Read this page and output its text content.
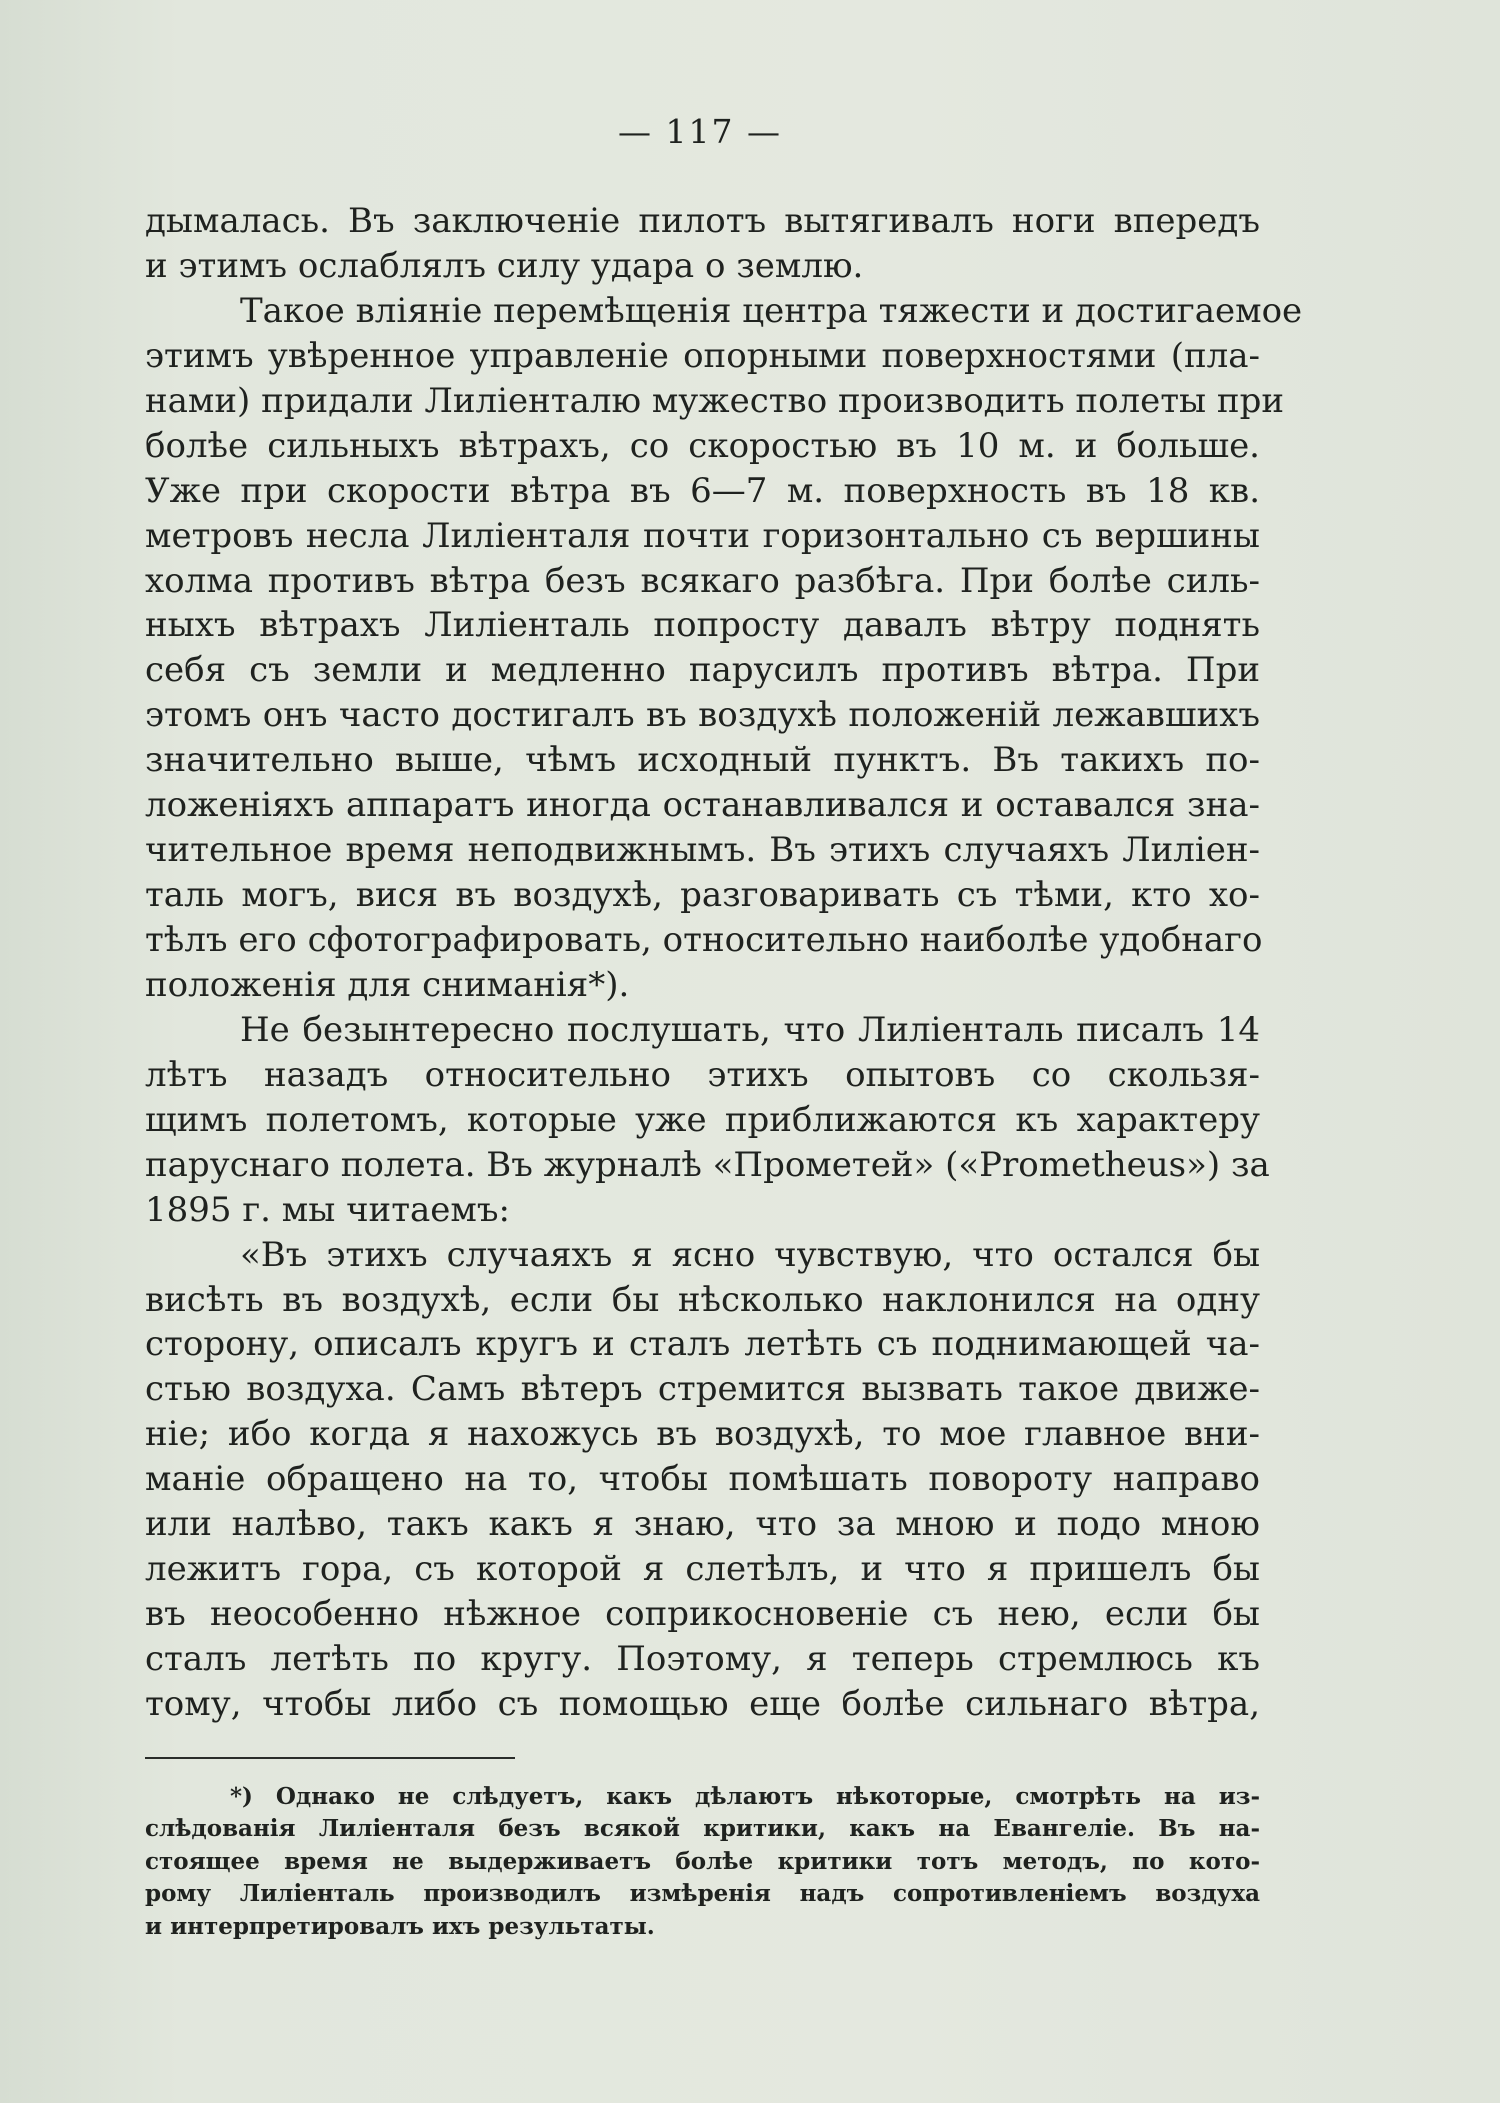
— 117 —
дымалась. Въ заключенiе пилотъ вытягивалъ ноги впередъ
и этимъ ослаблялъ силу удара о землю.
Такое влiянiе перемѣщенiя центра тяжести и достигаемое
этимъ увѣренное управленiе опорными поверхностями (пла-
нами) придали Лилiенталю мужество производить полеты при
болѣе сильныхъ вѣтрахъ, со скоростью въ 10 м. и больше.
Уже при скорости вѣтра въ 6—7 м. поверхность въ 18 кв.
метровъ несла Лилiенталя почти горизонтально съ вершины
холма противъ вѣтра безъ всякаго разбѣга. При болѣе силь-
ныхъ вѣтрахъ Лилiенталь попросту давалъ вѣтру поднять
себя съ земли и медленно парусилъ противъ вѣтра. При
этомъ онъ часто достигалъ въ воздухѣ положенiй лежавшихъ
значительно выше, чѣмъ исходный пунктъ. Въ такихъ по-
ложенiяхъ аппаратъ иногда останавливался и оставался зна-
чительное время неподвижнымъ. Въ этихъ случаяхъ Лилiен-
таль могъ, вися въ воздухѣ, разговаривать съ тѣми, кто хо-
тѣлъ его сфотографировать, относительно наиболѣе удобнаго
положенiя для сниманiя*).
Не безынтересно послушать, что Лилiенталь писалъ 14
лѣтъ назадъ относительно этихъ опытовъ со скользя-
щимъ полетомъ, которые уже приближаются къ характеру
паруснаго полета. Въ журналѣ «Прометей» («Prometheus») за
1895 г. мы читаемъ:
«Въ этихъ случаяхъ я ясно чувствую, что остался бы
висѣть въ воздухѣ, если бы нѣсколько наклонился на одну
сторону, описалъ кругъ и сталъ летѣть съ поднимающей ча-
стью воздуха. Самъ вѣтеръ стремится вызвать такое движе-
нiе; ибо когда я нахожусь въ воздухѣ, то мое главное вни-
манiе обращено на то, чтобы помѣшать повороту направо
или налѣво, такъ какъ я знаю, что за мною и подо мною
лежитъ гора, съ которой я слетѣлъ, и что я пришелъ бы
въ неособенно нѣжное соприкосновенiе съ нею, если бы
сталъ летѣть по кругу. Поэтому, я теперь стремлюсь къ
тому, чтобы либо съ помощью еще болѣе сильнаго вѣтра,
*) Однако не слѣдуетъ, какъ дѣлаютъ нѣкоторые, смотрѣть на из-
слѣдованiя Лилiенталя безъ всякой критики, какъ на Евангелiе. Въ на-
стоящее время не выдерживаетъ болѣе критики тотъ методъ, по кото-
рому Лилiенталь производилъ измѣренiя надъ сопротивленiемъ воздуха
и интерпретировалъ ихъ результаты.
